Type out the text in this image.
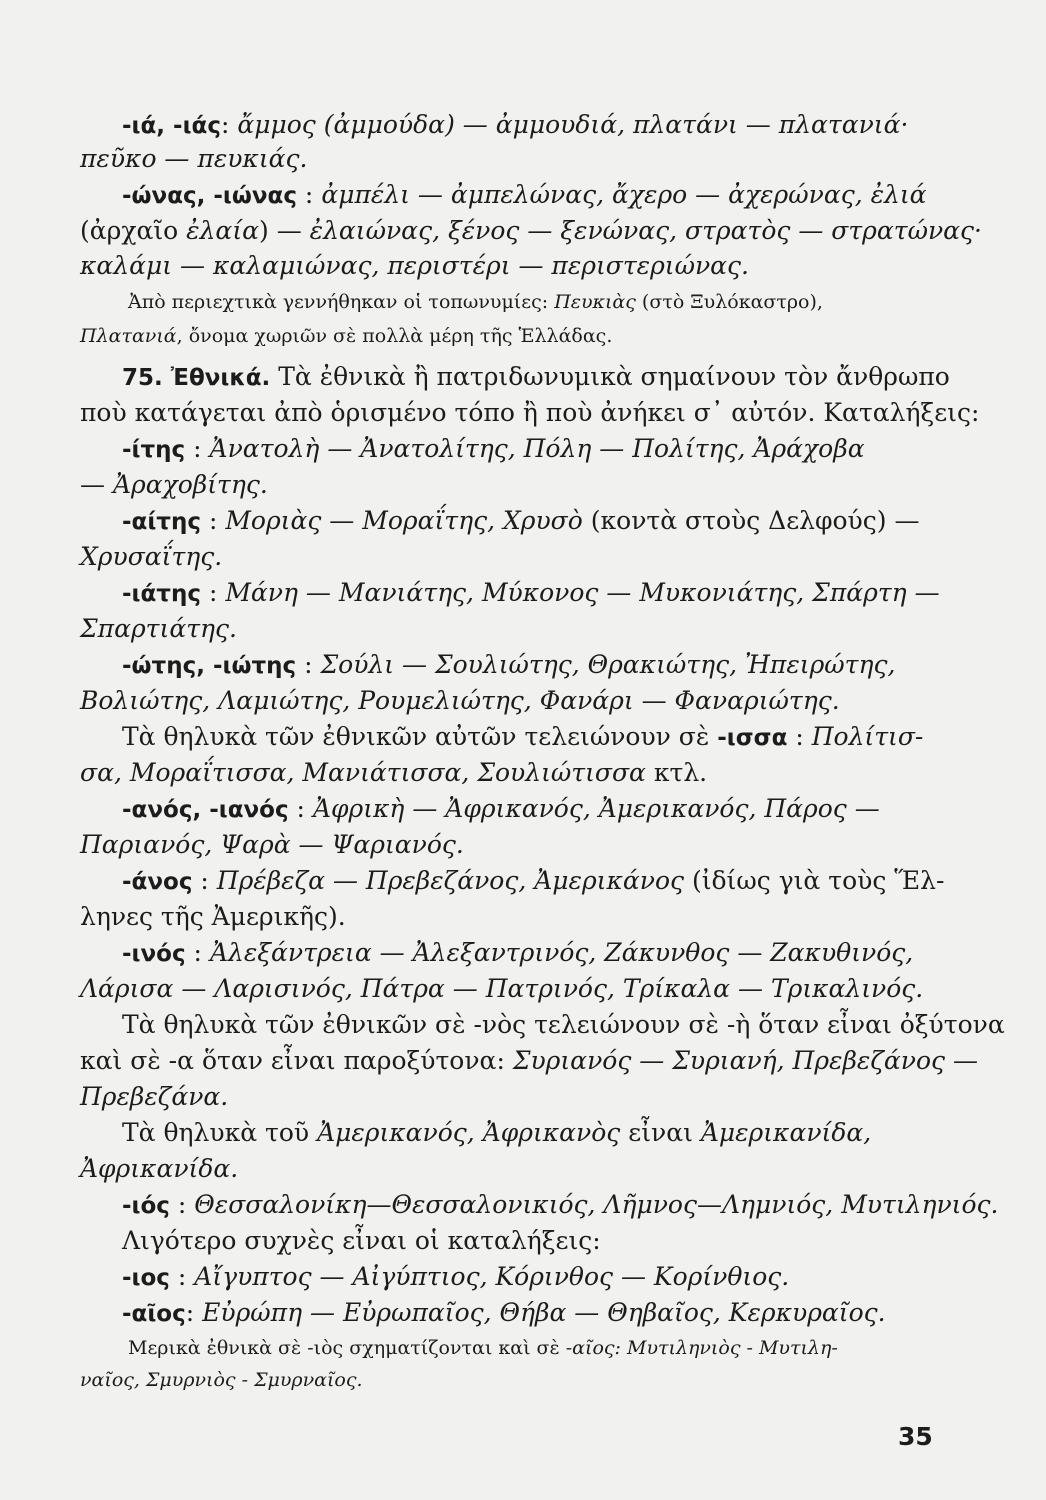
-ιά, -ιάς: ἄμμος (ἀμμούδα) — ἀμμουδιά, πλατάνι — πλατανιά·
πεῦκο — πευκιάς.
-ώνας, -ιώνας : ἀμπέλι — ἀμπελώνας, ἄχερο — ἀχερώνας, ἐλιά
(ἀρχαῖο ἐλαία) — ἐλαιώνας, ξένος — ξενώνας, στρατὸς — στρατώνας·
καλάμι — καλαμιώνας, περιστέρι — περιστεριώνας.
Ἀπὸ περιεχτικὰ γεννήθηκαν οἱ τοπωνυμίες: Πευκιὰς (στὸ Ξυλόκαστρο),
Πλατανιά, ὄνομα χωριῶν σὲ πολλὰ μέρη τῆς Ἑλλάδας.
75. Ἐθνικά. Τὰ ἐθνικὰ ἢ πατριδωνυμικὰ σημαίνουν τὸν ἄνθρωπο
ποὺ κατάγεται ἀπὸ ὁρισμένο τόπο ἢ ποὺ ἀνήκει σ᾿ αὐτόν. Καταλήξεις:
-ίτης : Ἀνατολὴ — Ἀνατολίτης, Πόλη — Πολίτης, Ἀράχοβα
— Ἀραχοβίτης.
-αίτης : Μοριὰς — Μοραΐτης, Χρυσὸ (κοντὰ στοὺς Δελφούς) —
Χρυσαΐτης.
-ιάτης : Μάνη — Μανιάτης, Μύκονος — Μυκονιάτης, Σπάρτη —
Σπαρτιάτης.
-ώτης, -ιώτης : Σούλι — Σουλιώτης, Θρακιώτης, Ἠπειρώτης,
Βολιώτης, Λαμιώτης, Ρουμελιώτης, Φανάρι — Φαναριώτης.
Τὰ θηλυκὰ τῶν ἐθνικῶν αὐτῶν τελειώνουν σὲ -ισσα : Πολίτισ-
σα, Μοραΐτισσα, Μανιάτισσα, Σουλιώτισσα κτλ.
-ανός, -ιανός : Ἀφρικὴ — Ἀφρικανός, Ἀμερικανός, Πάρος —
Παριανός, Ψαρὰ — Ψαριανός.
-άνος : Πρέβεζα — Πρεβεζάνος, Ἀμερικάνος (ἰδίως γιὰ τοὺς Ἕλ-
ληνες τῆς Ἀμερικῆς).
-ινός : Ἀλεξάντρεια — Ἀλεξαντρινός, Ζάκυνθος — Ζακυθινός,
Λάρισα — Λαρισινός, Πάτρα — Πατρινός, Τρίκαλα — Τρικαλινός.
Τὰ θηλυκὰ τῶν ἐθνικῶν σὲ -νὸς τελειώνουν σὲ -ὴ ὅταν εἶναι ὀξύτονα
καὶ σὲ -α ὅταν εἶναι παροξύτονα: Συριανός — Συριανή, Πρεβεζάνος —
Πρεβεζάνα.
Τὰ θηλυκὰ τοῦ Ἀμερικανός, Ἀφρικανὸς εἶναι Ἀμερικανίδα,
Ἀφρικανίδα.
-ιός : Θεσσαλονίκη—Θεσσαλονικιός, Λῆμνος—Λημνιός, Μυτιληνιός.
Λιγότερο συχνὲς εἶναι οἱ καταλήξεις:
-ιος : Αἴγυπτος — Αἰγύπτιος, Κόρινθος — Κορίνθιος.
-αῖος: Εὐρώπη — Εὐρωπαῖος, Θήβα — Θηβαῖος, Κερκυραῖος.
Μερικὰ ἐθνικὰ σὲ -ιὸς σχηματίζονται καὶ σὲ -αῖος: Μυτιληνιὸς - Μυτιλη-
ναῖος, Σμυρνιὸς - Σμυρναῖος.
35
